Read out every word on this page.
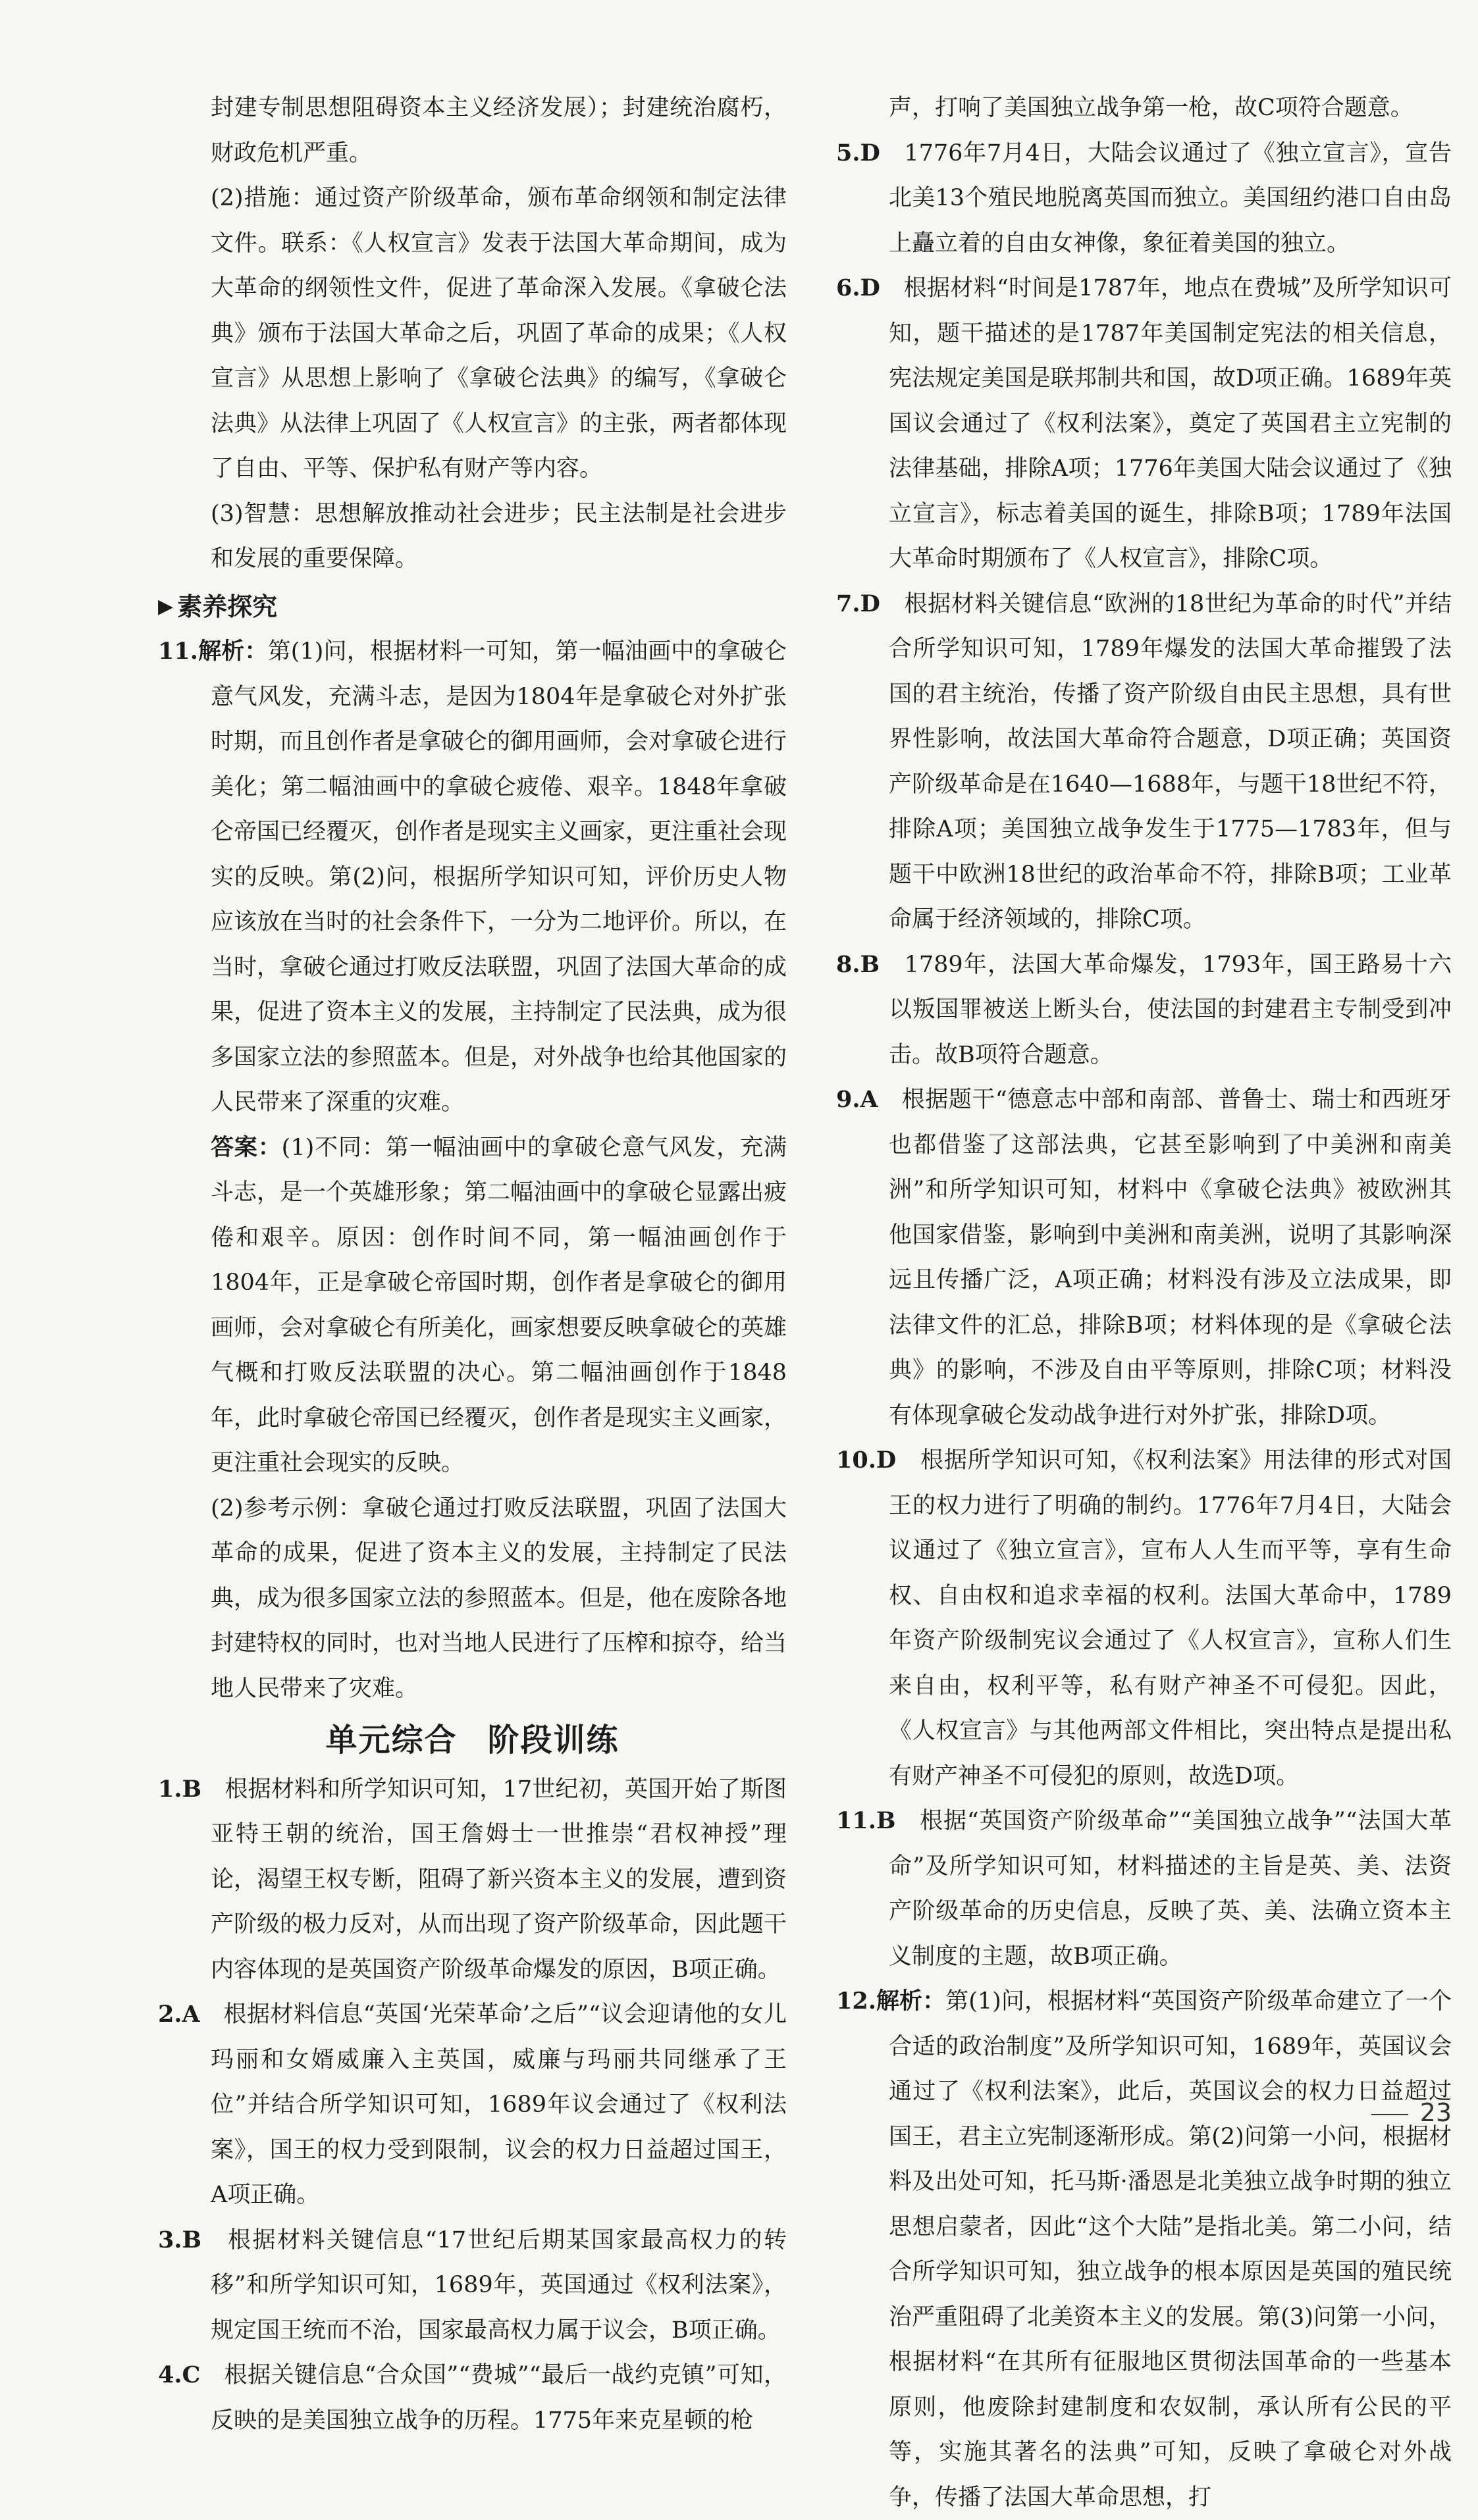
封建专制思想阻碍资本主义经济发展）；封建统治腐朽，财政危机严重。

(2)措施：通过资产阶级革命，颁布革命纲领和制定法律文件。联系：《人权宣言》发表于法国大革命期间，成为大革命的纲领性文件，促进了革命深入发展。《拿破仑法典》颁布于法国大革命之后，巩固了革命的成果；《人权宣言》从思想上影响了《拿破仑法典》的编写，《拿破仑法典》从法律上巩固了《人权宣言》的主张，两者都体现了自由、平等、保护私有财产等内容。

(3)智慧：思想解放推动社会进步；民主法制是社会进步和发展的重要保障。

▶ 素养探究
11.解析：第(1)问，根据材料一可知，第一幅油画中的拿破仑意气风发，充满斗志，是因为1804年是拿破仑对外扩张时期，而且创作者是拿破仑的御用画师，会对拿破仑进行美化；第二幅油画中的拿破仑疲倦、艰辛。1848年拿破仑帝国已经覆灭，创作者是现实主义画家，更注重社会现实的反映。第(2)问，根据所学知识可知，评价历史人物应该放在当时的社会条件下，一分为二地评价。所以，在当时，拿破仑通过打败反法联盟，巩固了法国大革命的成果，促进了资本主义的发展，主持制定了民法典，成为很多国家立法的参照蓝本。但是，对外战争也给其他国家的人民带来了深重的灾难。
答案：(1)不同：第一幅油画中的拿破仑意气风发，充满斗志，是一个英雄形象；第二幅油画中的拿破仑显露出疲倦和艰辛。原因：创作时间不同，第一幅油画创作于1804年，正是拿破仑帝国时期，创作者是拿破仑的御用画师，会对拿破仑有所美化，画家想要反映拿破仑的英雄气概和打败反法联盟的决心。第二幅油画创作于1848年，此时拿破仑帝国已经覆灭，创作者是现实主义画家，更注重社会现实的反映。

(2)参考示例：拿破仑通过打败反法联盟，巩固了法国大革命的成果，促进了资本主义的发展，主持制定了民法典，成为很多国家立法的参照蓝本。但是，他在废除各地封建特权的同时，也对当地人民进行了压榨和掠夺，给当地人民带来了灾难。

单元综合 阶段训练
1.B　 根据材料和所学知识可知，17世纪初，英国开始了斯图亚特王朝的统治，国王詹姆士一世推崇“君权神授”理论，渴望王权专断，阻碍了新兴资本主义的发展，遭到资产阶级的极力反对，从而出现了资产阶级革命，因此题干内容体现的是英国资产阶级革命爆发的原因，B项正确。
2.A　 根据材料信息“英国‘光荣革命’之后”“议会迎请他的女儿玛丽和女婿威廉入主英国，威廉与玛丽共同继承了王位”并结合所学知识可知，1689年议会通过了《权利法案》，国王的权力受到限制，议会的权力日益超过国王，A项正确。
3.B　 根据材料关键信息“17世纪后期某国家最高权力的转移”和所学知识可知，1689年，英国通过《权利法案》，规定国王统而不治，国家最高权力属于议会，B项正确。
4.C　 根据关键信息“合众国”“费城”“最后一战约克镇”可知，反映的是美国独立战争的历程。1775年来克星顿的枪

声，打响了美国独立战争第一枪，故C项符合题意。

5.D　 1776年7月4日，大陆会议通过了《独立宣言》，宣告北美13个殖民地脱离英国而独立。美国纽约港口自由岛上矗立着的自由女神像，象征着美国的独立。
6.D　 根据材料“时间是1787年，地点在费城”及所学知识可知，题干描述的是1787年美国制定宪法的相关信息，宪法规定美国是联邦制共和国，故D项正确。1689年英国议会通过了《权利法案》，奠定了英国君主立宪制的法律基础，排除A项；1776年美国大陆会议通过了《独立宣言》，标志着美国的诞生，排除B项；1789年法国大革命时期颁布了《人权宣言》，排除C项。
7.D　 根据材料关键信息“欧洲的18世纪为革命的时代”并结合所学知识可知，1789年爆发的法国大革命摧毁了法国的君主统治，传播了资产阶级自由民主思想，具有世界性影响，故法国大革命符合题意，D项正确；英国资产阶级革命是在1640—1688年，与题干18世纪不符，排除A项；美国独立战争发生于1775—1783年，但与题干中欧洲18世纪的政治革命不符，排除B项；工业革命属于经济领域的，排除C项。
8.B　 1789年，法国大革命爆发，1793年，国王路易十六以叛国罪被送上断头台，使法国的封建君主专制受到冲击。故B项符合题意。
9.A　 根据题干“德意志中部和南部、普鲁士、瑞士和西班牙也都借鉴了这部法典，它甚至影响到了中美洲和南美洲”和所学知识可知，材料中《拿破仑法典》被欧洲其他国家借鉴，影响到中美洲和南美洲，说明了其影响深远且传播广泛，A项正确；材料没有涉及立法成果，即法律文件的汇总，排除B项；材料体现的是《拿破仑法典》的影响，不涉及自由平等原则，排除C项；材料没有体现拿破仑发动战争进行对外扩张，排除D项。
10.D　 根据所学知识可知，《权利法案》用法律的形式对国王的权力进行了明确的制约。1776年7月4日，大陆会议通过了《独立宣言》，宣布人人生而平等，享有生命权、自由权和追求幸福的权利。法国大革命中，1789年资产阶级制宪议会通过了《人权宣言》，宣称人们生来自由，权利平等，私有财产神圣不可侵犯。因此，《人权宣言》与其他两部文件相比，突出特点是提出私有财产神圣不可侵犯的原则，故选D项。
11.B　 根据“英国资产阶级革命”“美国独立战争”“法国大革命”及所学知识可知，材料描述的主旨是英、美、法资产阶级革命的历史信息，反映了英、美、法确立资本主义制度的主题，故B项正确。
12.解析：第(1)问，根据材料“英国资产阶级革命建立了一个合适的政治制度”及所学知识可知，1689年，英国议会通过了《权利法案》，此后，英国议会的权力日益超过国王，君主立宪制逐渐形成。第(2)问第一小问，根据材料及出处可知，托马斯·潘恩是北美独立战争时期的独立思想启蒙者，因此“这个大陆”是指北美。第二小问，结合所学知识可知，独立战争的根本原因是英国的殖民统治严重阻碍了北美资本主义的发展。第(3)问第一小问，根据材料“在其所有征服地区贯彻法国革命的一些基本原则，他废除封建制度和农奴制，承认所有公民的平等，实施其著名的法典”可知，反映了拿破仑对外战争，传播了法国大革命思想，打
23
